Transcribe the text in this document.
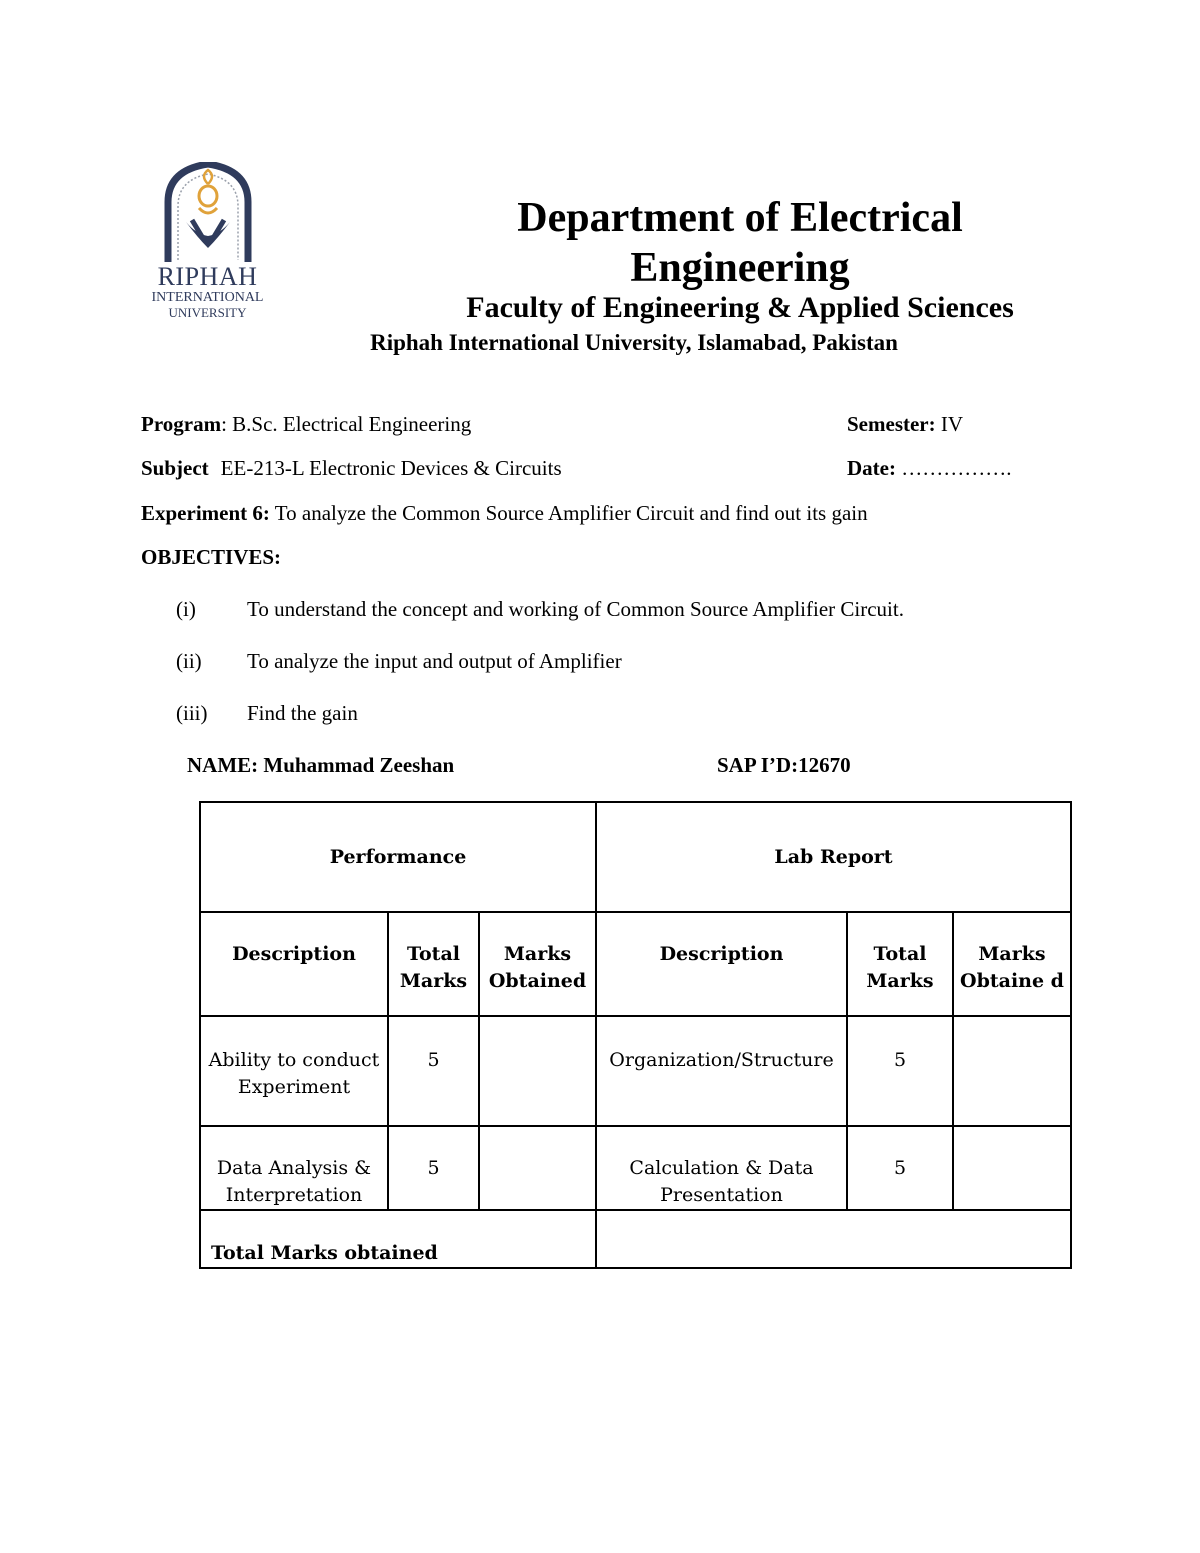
RIPHAH
INTERNATIONAL
UNIVERSITY
Department of Electrical Engineering
Faculty of Engineering & Applied Sciences
Riphah International University, Islamabad, Pakistan
Program: B.Sc. Electrical Engineering	Semester: IV
Subject EE-213-L Electronic Devices & Circuits	Date: …………….
Experiment 6: To analyze the Common Source Amplifier Circuit and find out its gain
OBJECTIVES:
(i) To understand the concept and working of Common Source Amplifier Circuit.
(ii) To analyze the input and output of Amplifier
(iii) Find the gain
NAME: Muhammad Zeeshan	SAP I’D:12670
Performance			Lab Report		
Description	Total Marks	Marks Obtained	Description	Total Marks	Marks Obtaine d
Ability to conduct Experiment	5		Organization/Structure	5	
Data Analysis & Interpretation	5		Calculation & Data Presentation	5	
Total Marks obtained					
